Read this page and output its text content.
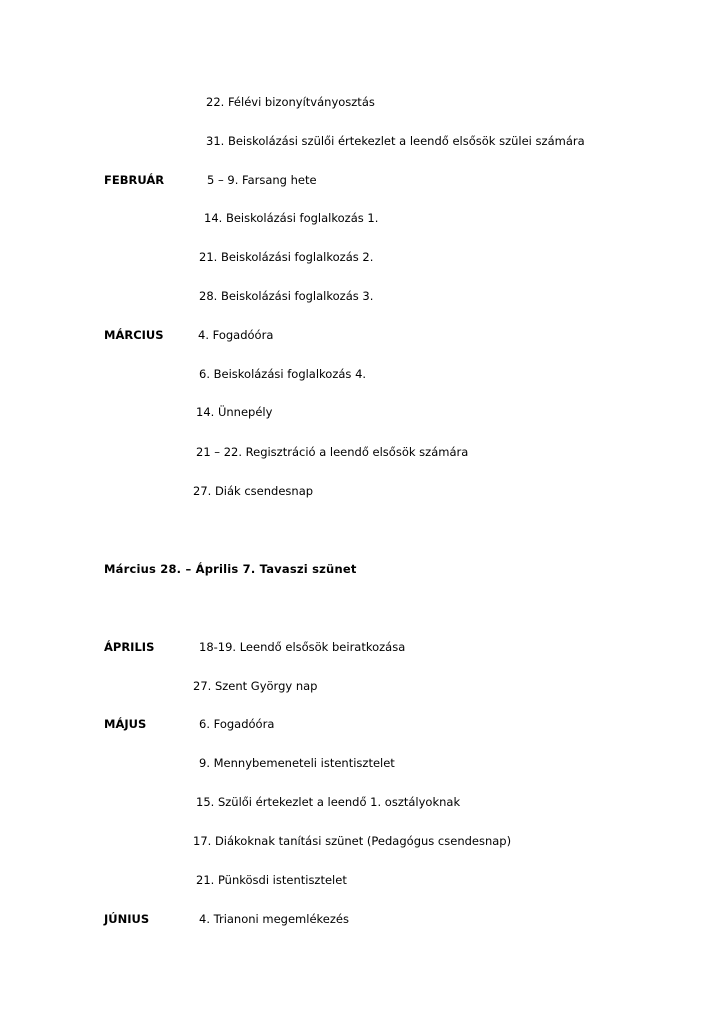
22. Félévi bizonyítványosztás
31. Beiskolázási szülői értekezlet a leendő elsősök szülei számára
FEBRUÁR	5 – 9. Farsang hete
14. Beiskolázási foglalkozás 1.
21. Beiskolázási foglalkozás 2.
28. Beiskolázási foglalkozás 3.
MÁRCIUS	4. Fogadóóra
6. Beiskolázási foglalkozás 4.
14. Ünnepély
21 – 22. Regisztráció a leendő elsősök számára
27. Diák csendesnap
Március 28. – Április 7. Tavaszi szünet
ÁPRILIS	18-19. Leendő elsősök beiratkozása
27. Szent György nap
MÁJUS	6. Fogadóóra
9. Mennybemeneteli istentisztelet
15. Szülői értekezlet a leendő 1. osztályoknak
17. Diákoknak tanítási szünet (Pedagógus csendesnap)
21. Pünkösdi istentisztelet
JÚNIUS	4. Trianoni megemlékezés
